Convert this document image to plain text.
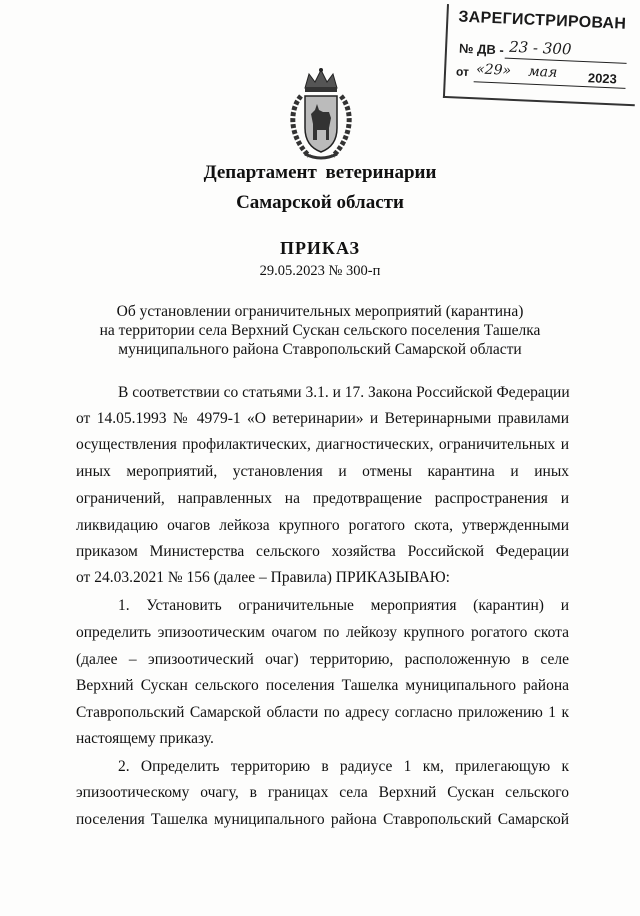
ЗАРЕГИСТРИРОВАН
№ ДВ - 23 - 300
от «29» мая 2023
Департамент ветеринарии
Самарской области
ПРИКАЗ
29.05.2023 № 300-п
Об установлении ограничительных мероприятий (карантина)
на территории села Верхний Сускан сельского поселения Ташелка
муниципального района Ставропольский Самарской области
В соответствии со статьями 3.1. и 17. Закона Российской Федерации
от 14.05.1993 № 4979-1 «О ветеринарии» и Ветеринарными правилами
осуществления профилактических, диагностических, ограничительных и
иных мероприятий, установления и отмены карантина и иных
ограничений, направленных на предотвращение распространения и
ликвидацию очагов лейкоза крупного рогатого скота, утвержденными
приказом Министерства сельского хозяйства Российской Федерации
от 24.03.2021 № 156 (далее – Правила) ПРИКАЗЫВАЮ:
1. Установить ограничительные мероприятия (карантин) и
определить эпизоотическим очагом по лейкозу крупного рогатого скота
(далее – эпизоотический очаг) территорию, расположенную в селе
Верхний Сускан сельского поселения Ташелка муниципального района
Ставропольский Самарской области по адресу согласно приложению 1 к
настоящему приказу.
2. Определить территорию в радиусе 1 км, прилегающую к
эпизоотическому очагу, в границах села Верхний Сускан сельского
поселения Ташелка муниципального района Ставропольский Самарской
